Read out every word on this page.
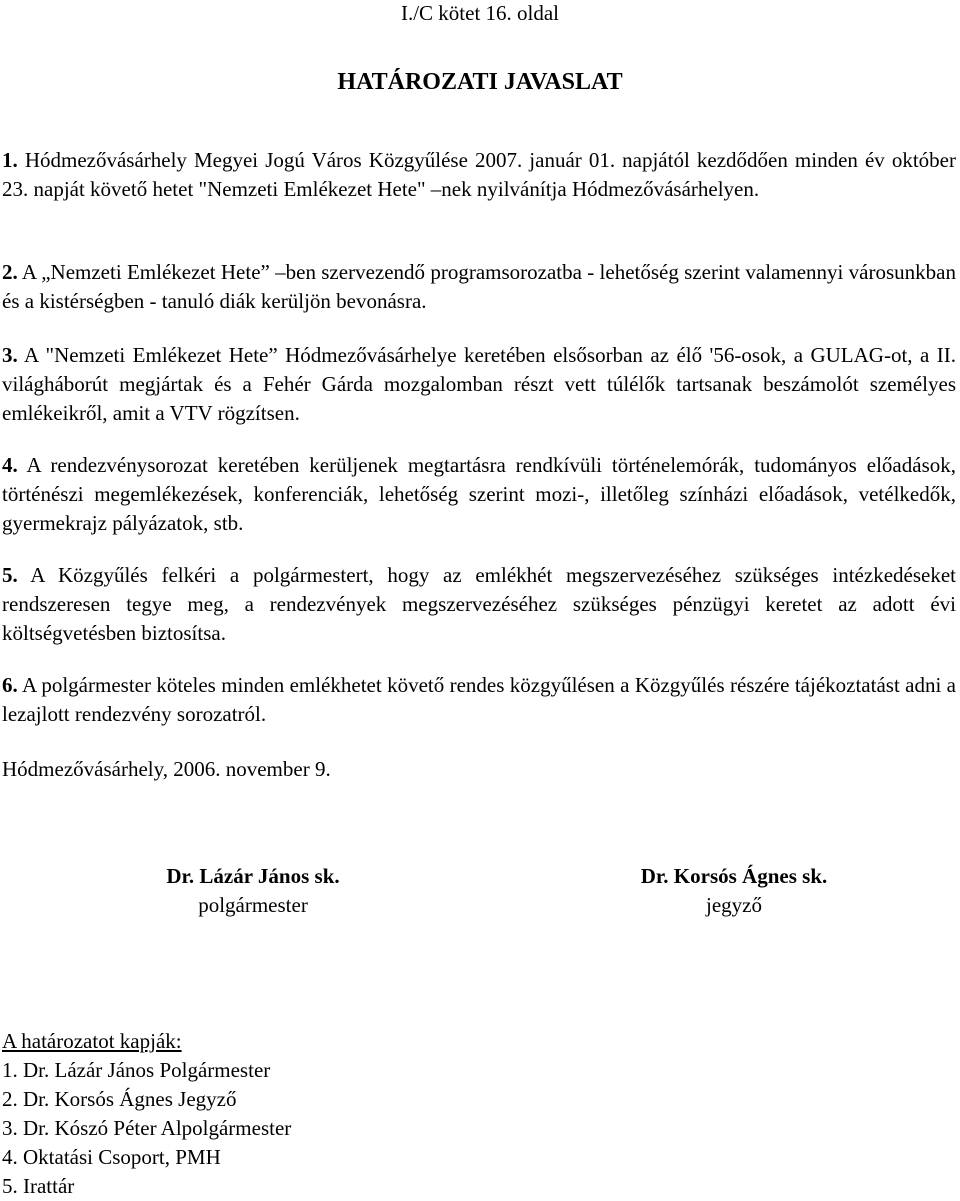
I./C kötet 16. oldal
HATÁROZATI JAVASLAT
1. Hódmezővásárhely Megyei Jogú Város Közgyűlése 2007. január 01. napjától kezdődően minden év október 23. napját követő hetet "Nemzeti Emlékezet Hete" –nek nyilvánítja Hódmezővásárhelyen.
2. A „Nemzeti Emlékezet Hete” –ben szervezendő programsorozatba - lehetőség szerint valamennyi városunkban és a kistérségben - tanuló diák kerüljön bevonásra.
3. A "Nemzeti Emlékezet Hete” Hódmezővásárhelye keretében elsősorban az élő '56-osok, a GULAG-ot, a II. világháborút megjártak és a Fehér Gárda mozgalomban részt vett túlélők tartsanak beszámolót személyes emlékeikről, amit a VTV rögzítsen.
4. A rendezvénysorozat keretében kerüljenek megtartásra rendkívüli történelemórák, tudományos előadások, történészi megemlékezések, konferenciák, lehetőség szerint mozi-, illetőleg színházi előadások, vetélkedők, gyermekrajz pályázatok, stb.
5. A Közgyűlés felkéri a polgármestert, hogy az emlékhét megszervezéséhez szükséges intézkedéseket rendszeresen tegye meg, a rendezvények megszervezéséhez szükséges pénzügyi keretet az adott évi költségvetésben biztosítsa.
6. A polgármester köteles minden emlékhetet követő rendes közgyűlésen a Közgyűlés részére tájékoztatást adni a lezajlott rendezvény sorozatról.
Hódmezővásárhely, 2006. november 9.
Dr. Lázár János sk.
polgármester
Dr. Korsós Ágnes sk.
jegyző
A határozatot kapják:
1. Dr. Lázár János Polgármester
2. Dr. Korsós Ágnes Jegyző
3. Dr. Kószó Péter Alpolgármester
4. Oktatási Csoport, PMH
5. Irattár
